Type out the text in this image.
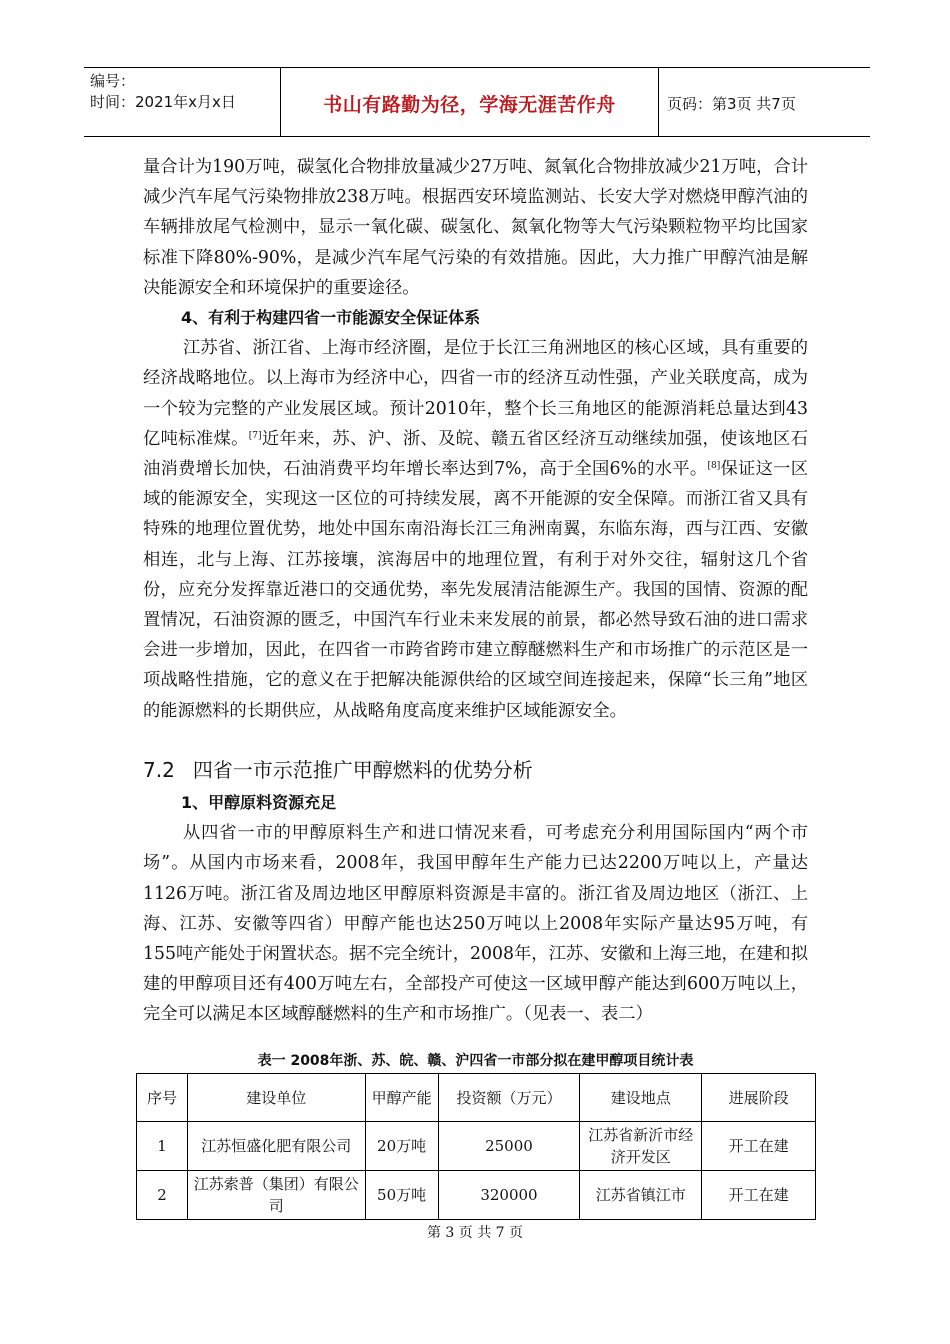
编号：
时间：2021年x月x日	书山有路勤为径，学海无涯苦作舟	页码：第3页 共7页

量合计为190万吨，碳氢化合物排放量减少27万吨、氮氧化合物排放减少21万吨，合计减少汽车尾气污染物排放238万吨。根据西安环境监测站、长安大学对燃烧甲醇汽油的车辆排放尾气检测中，显示一氧化碳、碳氢化、氮氧化物等大气污染颗粒物平均比国家标准下降80%-90%，是减少汽车尾气污染的有效措施。因此，大力推广甲醇汽油是解决能源安全和环境保护的重要途径。

4、有利于构建四省一市能源安全保证体系

江苏省、浙江省、上海市经济圈，是位于长江三角洲地区的核心区域，具有重要的经济战略地位。以上海市为经济中心，四省一市的经济互动性强，产业关联度高，成为一个较为完整的产业发展区域。预计2010年，整个长三角地区的能源消耗总量达到43亿吨标准煤。[7]近年来，苏、沪、浙、及皖、赣五省区经济互动继续加强，使该地区石油消费增长加快，石油消费平均年增长率达到7%，高于全国6%的水平。[8]保证这一区域的能源安全，实现这一区位的可持续发展，离不开能源的安全保障。而浙江省又具有特殊的地理位置优势，地处中国东南沿海长江三角洲南翼，东临东海，西与江西、安徽相连，北与上海、江苏接壤，滨海居中的地理位置，有利于对外交往，辐射这几个省份，应充分发挥靠近港口的交通优势，率先发展清洁能源生产。我国的国情、资源的配置情况，石油资源的匮乏，中国汽车行业未来发展的前景，都必然导致石油的进口需求会进一步增加，因此，在四省一市跨省跨市建立醇醚燃料生产和市场推广的示范区是一项战略性措施，它的意义在于把解决能源供给的区域空间连接起来，保障“长三角”地区的能源燃料的长期供应，从战略角度高度来维护区域能源安全。

7.2 四省一市示范推广甲醇燃料的优势分析

1、甲醇原料资源充足

从四省一市的甲醇原料生产和进口情况来看，可考虑充分利用国际国内“两个市场”。从国内市场来看，2008年，我国甲醇年生产能力已达2200万吨以上，产量达1126万吨。浙江省及周边地区甲醇原料资源是丰富的。浙江省及周边地区（浙江、上海、江苏、安徽等四省）甲醇产能也达250万吨以上2008年实际产量达95万吨，有155吨产能处于闲置状态。据不完全统计，2008年，江苏、安徽和上海三地，在建和拟建的甲醇项目还有400万吨左右，全部投产可使这一区域甲醇产能达到600万吨以上，完全可以满足本区域醇醚燃料的生产和市场推广。（见表一、表二）

表一 2008年浙、苏、皖、赣、沪四省一市部分拟在建甲醇项目统计表
序号	建设单位	甲醇产能	投资额（万元）	建设地点	进展阶段
1	江苏恒盛化肥有限公司	20万吨	25000	江苏省新沂市经济开发区	开工在建
2	江苏索普（集团）有限公司	50万吨	320000	江苏省镇江市	开工在建
第 3 页 共 7 页
